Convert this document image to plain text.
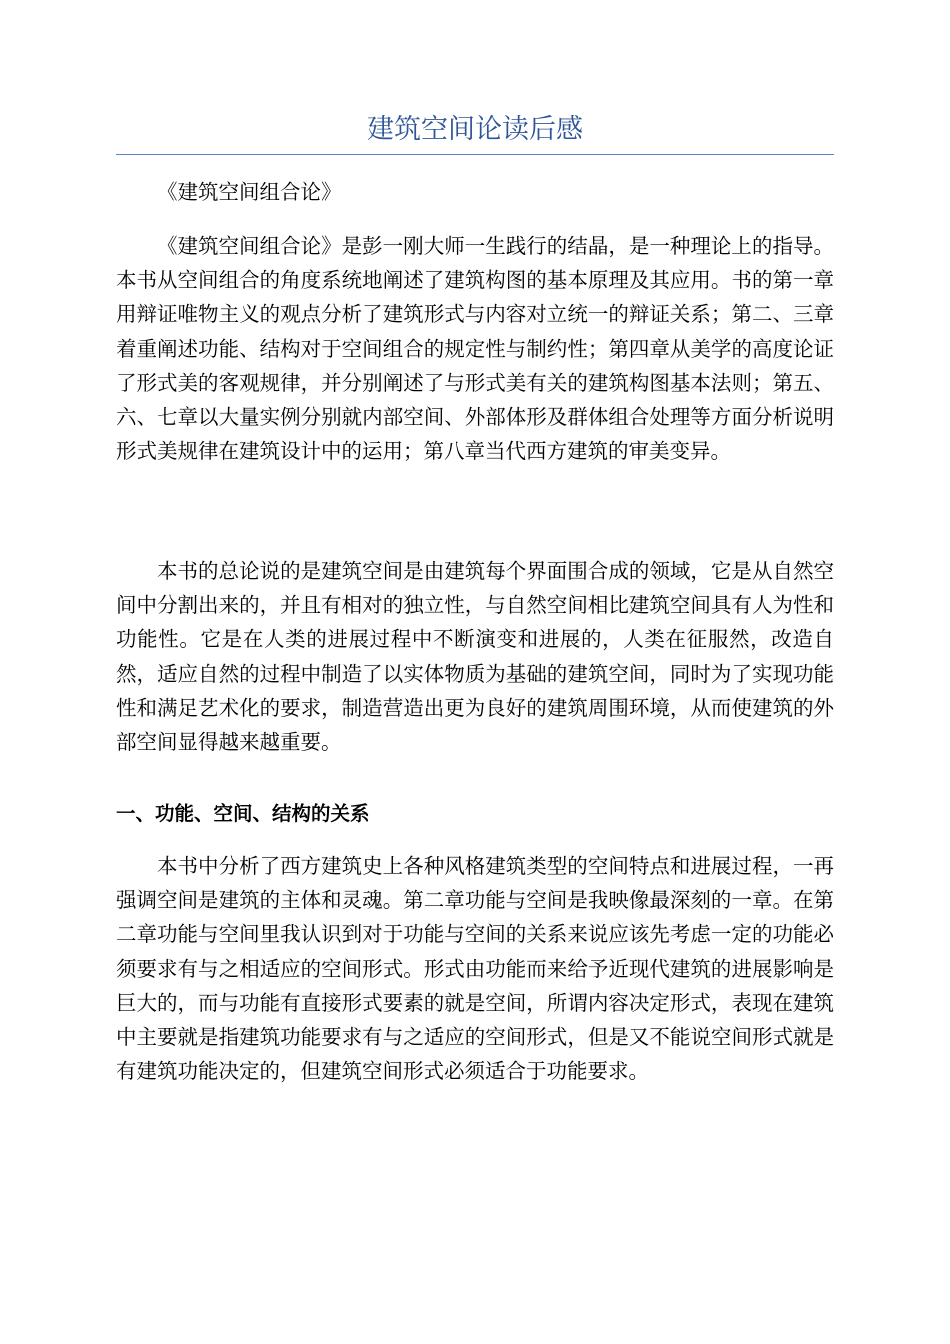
建筑空间论读后感

《建筑空间组合论》

《建筑空间组合论》是彭一刚大师一生践行的结晶，是一种理论上的指导。本书从空间组合的角度系统地阐述了建筑构图的基本原理及其应用。书的第一章用辩证唯物主义的观点分析了建筑形式与内容对立统一的辩证关系；第二、三章着重阐述功能、结构对于空间组合的规定性与制约性；第四章从美学的高度论证了形式美的客观规律，并分别阐述了与形式美有关的建筑构图基本法则；第五、六、七章以大量实例分别就内部空间、外部体形及群体组合处理等方面分析说明形式美规律在建筑设计中的运用；第八章当代西方建筑的审美变异。

本书的总论说的是建筑空间是由建筑每个界面围合成的领域，它是从自然空间中分割出来的，并且有相对的独立性，与自然空间相比建筑空间具有人为性和功能性。它是在人类的进展过程中不断演变和进展的，人类在征服然，改造自然，适应自然的过程中制造了以实体物质为基础的建筑空间，同时为了实现功能性和满足艺术化的要求，制造营造出更为良好的建筑周围环境，从而使建筑的外部空间显得越来越重要。

一、功能、空间、结构的关系

本书中分析了西方建筑史上各种风格建筑类型的空间特点和进展过程，一再强调空间是建筑的主体和灵魂。第二章功能与空间是我映像最深刻的一章。在第二章功能与空间里我认识到对于功能与空间的关系来说应该先考虑一定的功能必须要求有与之相适应的空间形式。形式由功能而来给予近现代建筑的进展影响是巨大的，而与功能有直接形式要素的就是空间，所谓内容决定形式，表现在建筑中主要就是指建筑功能要求有与之适应的空间形式，但是又不能说空间形式就是有建筑功能决定的，但建筑空间形式必须适合于功能要求。
